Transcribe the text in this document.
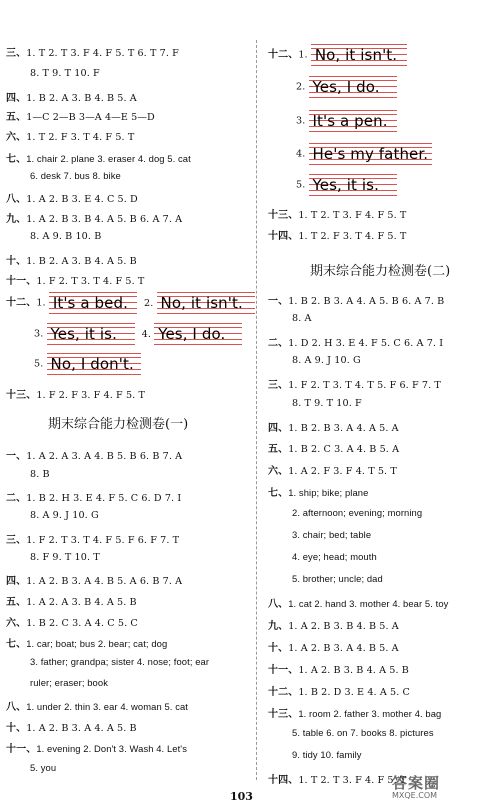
三、1. T 2. T 3. F 4. F 5. T 6. T 7. F
8. T 9. T 10. F
四、1. B 2. A 3. B 4. B 5. A
五、1—C 2—B 3—A 4—E 5—D
六、1. T 2. F 3. T 4. F 5. T
七、1. chair 2. plane 3. eraser 4. dog 5. cat
6. desk 7. bus 8. bike
八、1. A 2. B 3. E 4. C 5. D
九、1. A 2. B 3. B 4. A 5. B 6. A 7. A
8. A 9. B 10. B
十、1. B 2. A 3. B 4. A 5. B
十一、1. F 2. T 3. T 4. F 5. T
十二、1. It's a bed. 2. No, it isn't.
3. Yes, it is.	4. Yes, I do.
5. No, I don't.
十三、1. F 2. F 3. F 4. F 5. T
期末综合能力检测卷(一)
一、1. A 2. A 3. A 4. B 5. B 6. B 7. A
8. B
二、1. B 2. H 3. E 4. F 5. C 6. D 7. I
8. A 9. J 10. G
三、1. F 2. T 3. T 4. F 5. F 6. F 7. T
8. F 9. T 10. T
四、1. A 2. B 3. A 4. B 5. A 6. B 7. A
五、1. A 2. A 3. B 4. A 5. B
六、1. B 2. C 3. A 4. C 5. C
七、1. car; boat; bus 2. bear; cat; dog
3. father; grandpa; sister 4. nose; foot; ear
ruler; eraser; book
八、1. under 2. thin 3. ear 4. woman 5. cat
十、1. A 2. B 3. A 4. A 5. B
十一、1. evening 2. Don't 3. Wash 4. Let's
5. you
十二、1. No, it isn't.
2. Yes, I do.
3. It's a pen.
4. He's my father.
5. Yes, it is.
十三、1. T 2. T 3. F 4. F 5. T
十四、1. T 2. F 3. T 4. F 5. T
期末综合能力检测卷(二)
一、1. B 2. B 3. A 4. A 5. B 6. A 7. B
8. A
二、1. D 2. H 3. E 4. F 5. C 6. A 7. I
8. A 9. J 10. G
三、1. F 2. T 3. T 4. T 5. F 6. F 7. T
8. T 9. T 10. F
四、1. B 2. B 3. A 4. A 5. A
五、1. B 2. C 3. A 4. B 5. A
六、1. A 2. F 3. F 4. T 5. T
七、1. ship; bike; plane
2. afternoon; evening; morning
3. chair; bed; table
4. eye; head; mouth
5. brother; uncle; dad
八、1. cat 2. hand 3. mother 4. bear 5. toy
九、1. A 2. B 3. B 4. B 5. A
十、1. A 2. B 3. A 4. B 5. A
十一、1. A 2. B 3. B 4. A 5. B
十二、1. B 2. D 3. E 4. A 5. C
十三、1. room 2. father 3. mother 4. bag
5. table 6. on 7. books 8. pictures
9. tidy 10. family
十四、1. T 2. T 3. F 4. F 5. T
103
答案圈
MXQE.COM
